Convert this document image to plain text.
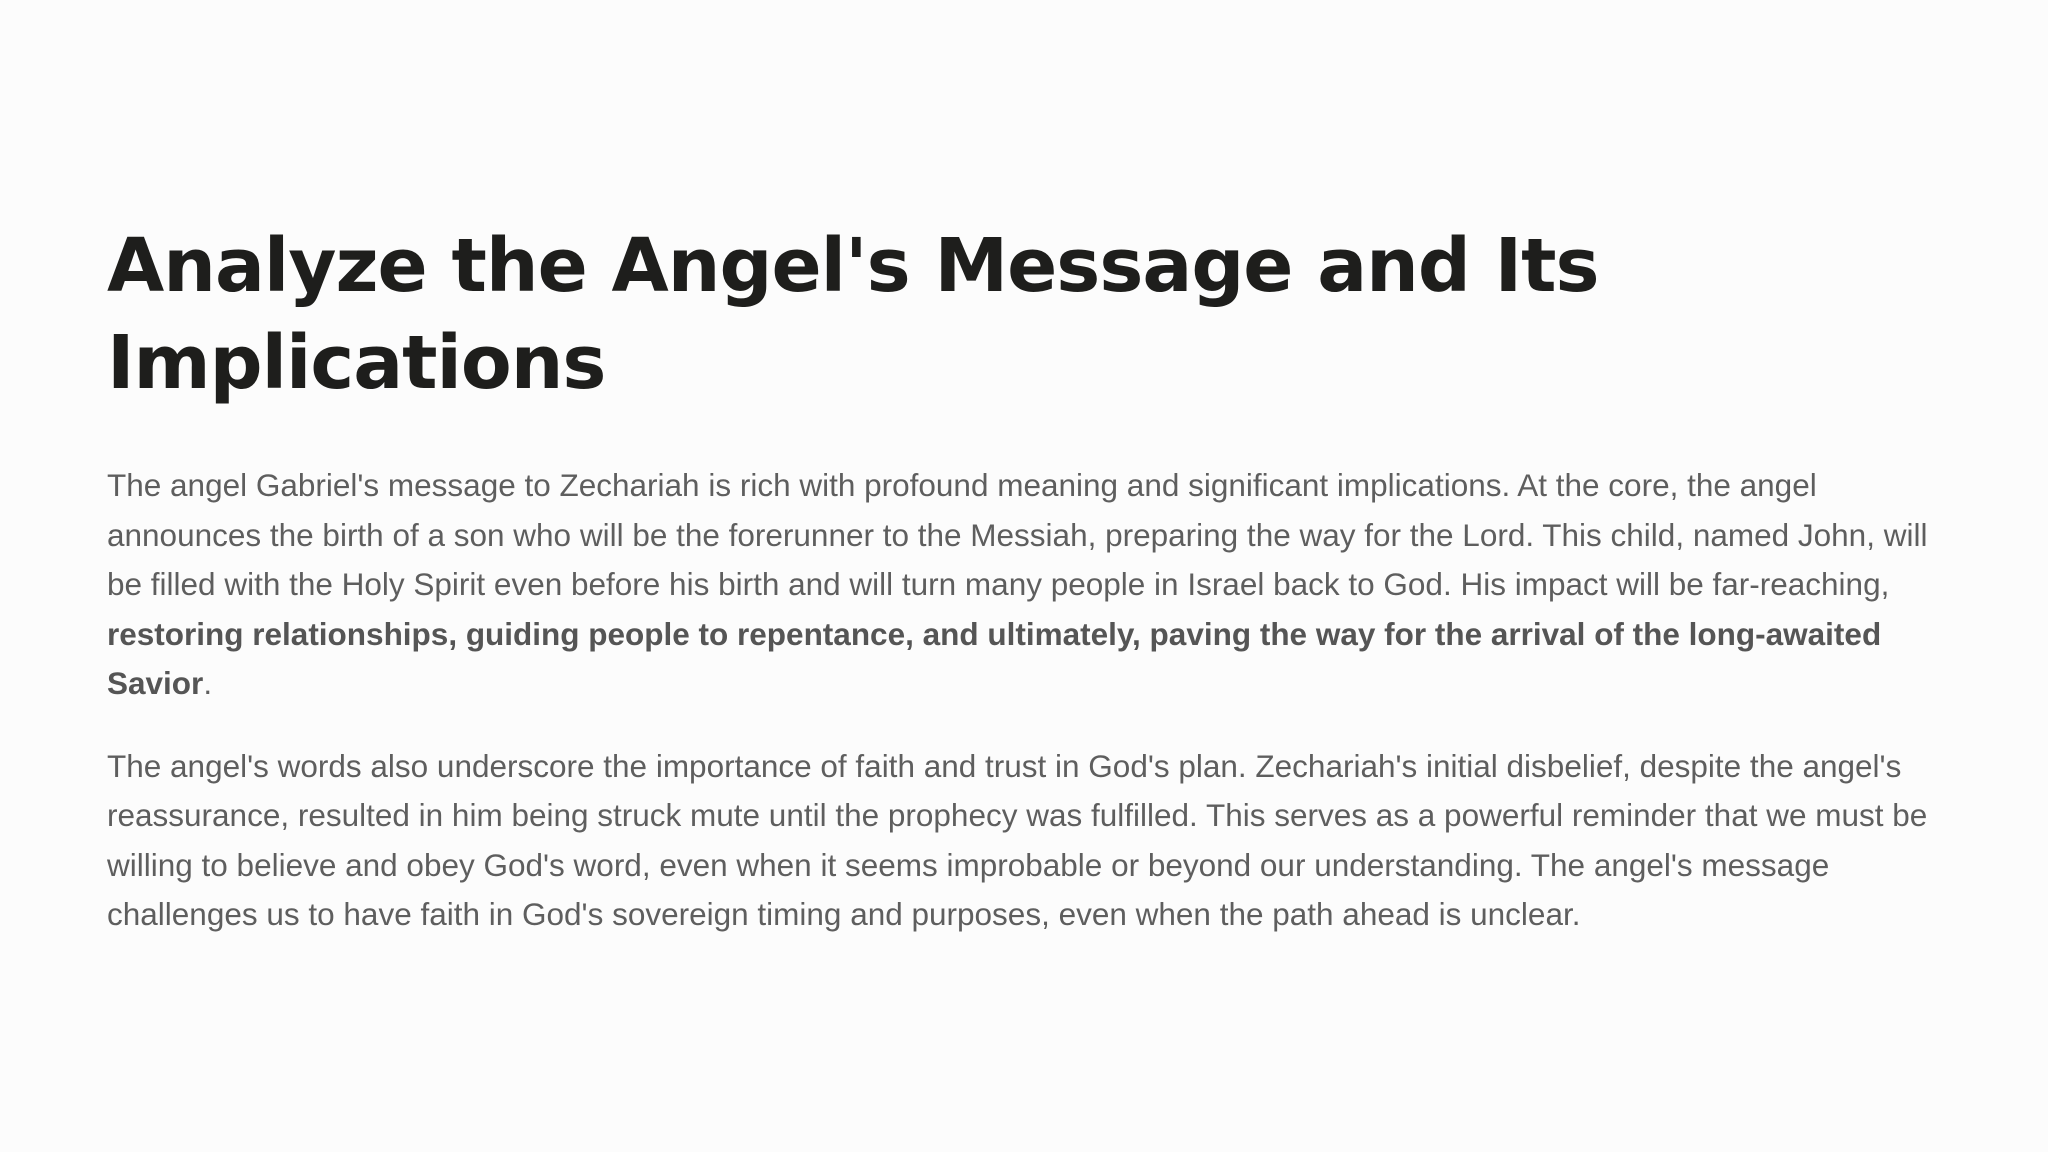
Analyze the Angel's Message and Its Implications

The angel Gabriel's message to Zechariah is rich with profound meaning and significant implications. At the core, the angel announces the birth of a son who will be the forerunner to the Messiah, preparing the way for the Lord. This child, named John, will be filled with the Holy Spirit even before his birth and will turn many people in Israel back to God. His impact will be far-reaching, restoring relationships, guiding people to repentance, and ultimately, paving the way for the arrival of the long-awaited Savior.

The angel's words also underscore the importance of faith and trust in God's plan. Zechariah's initial disbelief, despite the angel's reassurance, resulted in him being struck mute until the prophecy was fulfilled. This serves as a powerful reminder that we must be willing to believe and obey God's word, even when it seems improbable or beyond our understanding. The angel's message challenges us to have faith in God's sovereign timing and purposes, even when the path ahead is unclear.
